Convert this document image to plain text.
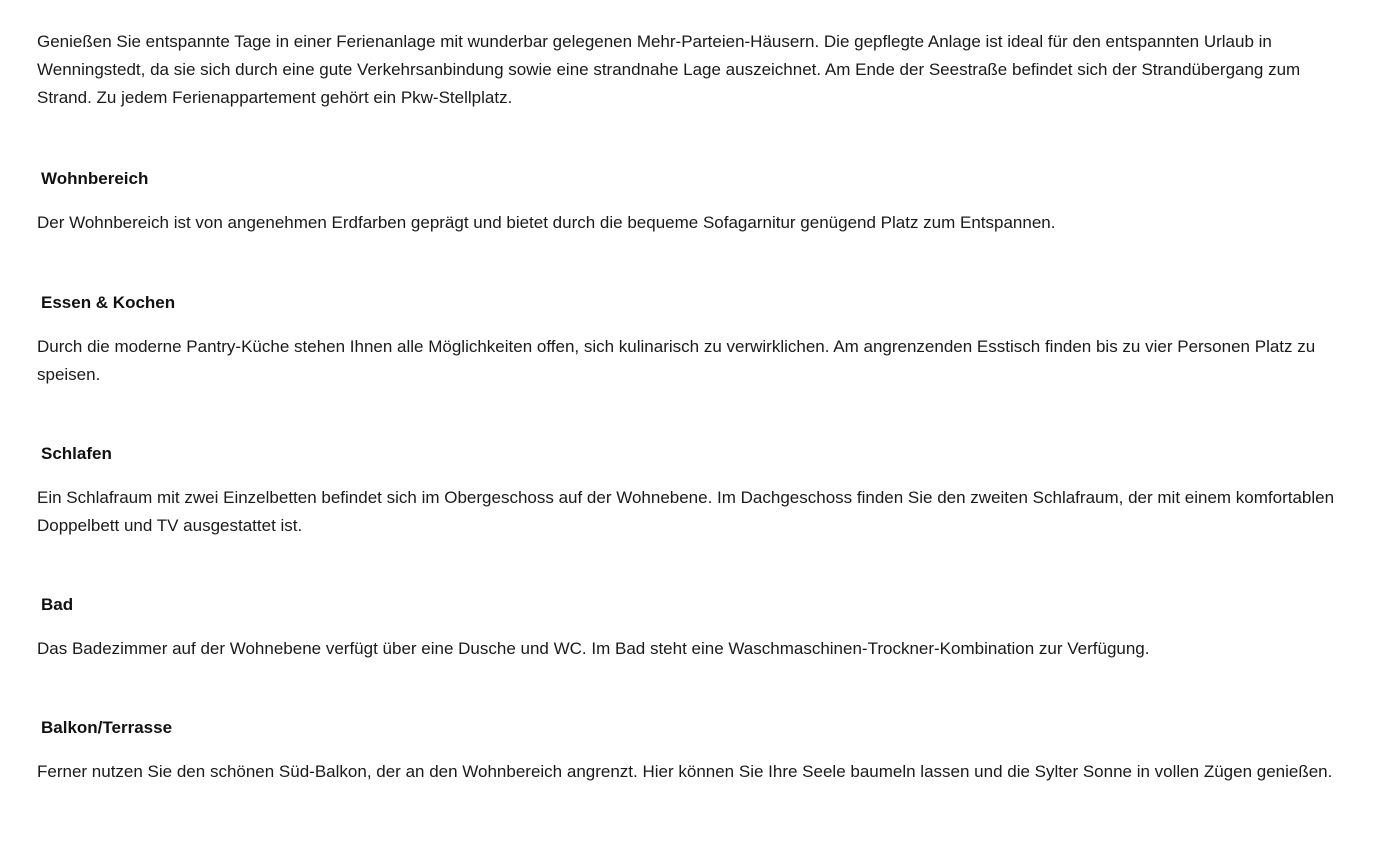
Genießen Sie entspannte Tage in einer Ferienanlage mit wunderbar gelegenen Mehr-Parteien-Häusern. Die gepflegte Anlage ist ideal für den entspannten Urlaub in Wenningstedt, da sie sich durch eine gute Verkehrsanbindung sowie eine strandnahe Lage auszeichnet. Am Ende der Seestraße befindet sich der Strandübergang zum Strand. Zu jedem Ferienappartement gehört ein Pkw-Stellplatz.

Wohnbereich

Der Wohnbereich ist von angenehmen Erdfarben geprägt und bietet durch die bequeme Sofagarnitur genügend Platz zum Entspannen.

Essen & Kochen

Durch die moderne Pantry-Küche stehen Ihnen alle Möglichkeiten offen, sich kulinarisch zu verwirklichen. Am angrenzenden Esstisch finden bis zu vier Personen Platz zu speisen.

Schlafen

Ein Schlafraum mit zwei Einzelbetten befindet sich im Obergeschoss auf der Wohnebene. Im Dachgeschoss finden Sie den zweiten Schlafraum, der mit einem komfortablen Doppelbett und TV ausgestattet ist.

Bad

Das Badezimmer auf der Wohnebene verfügt über eine Dusche und WC. Im Bad steht eine Waschmaschinen-Trockner-Kombination zur Verfügung.

Balkon/Terrasse

Ferner nutzen Sie den schönen Süd-Balkon, der an den Wohnbereich angrenzt. Hier können Sie Ihre Seele baumeln lassen und die Sylter Sonne in vollen Zügen genießen.
